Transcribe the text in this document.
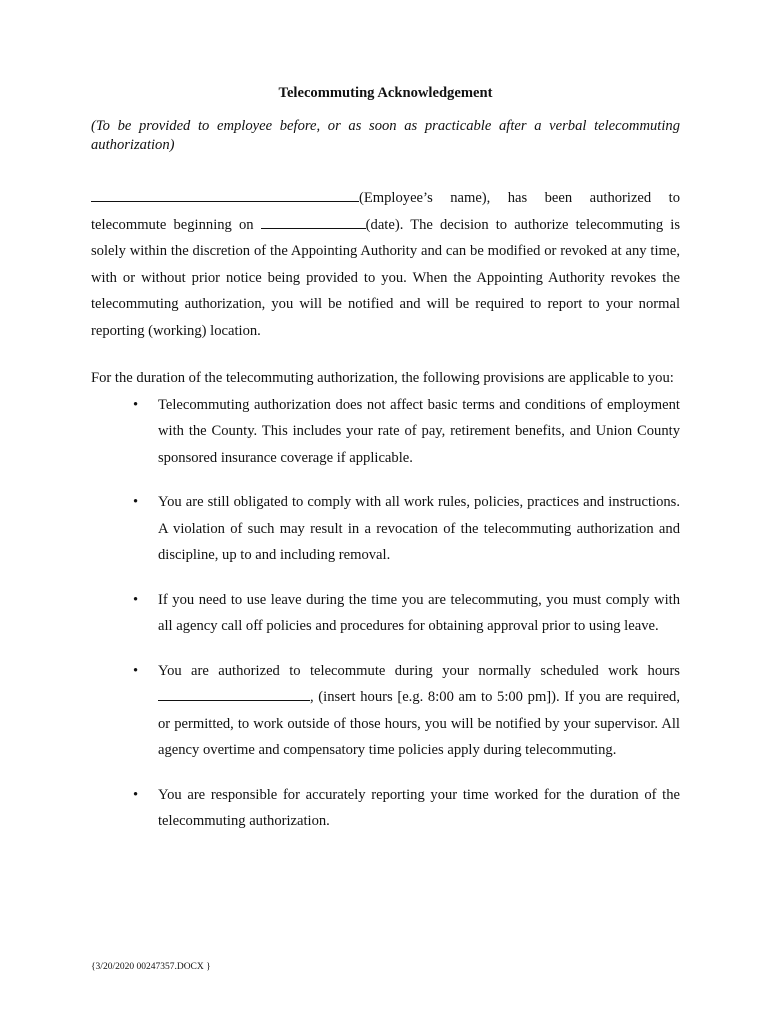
Telecommuting Acknowledgement
(To be provided to employee before, or as soon as practicable after a verbal telecommuting authorization)
(Employee’s name), has been authorized to
telecommute beginning on	(date). The decision to authorize telecommuting is
solely within the discretion of the Appointing Authority and can be modified or revoked at any time, with or without prior notice being provided to you. When the Appointing Authority revokes the telecommuting authorization, you will be notified and will be required to report to your normal reporting (working) location.
For the duration of the telecommuting authorization, the following provisions are applicable to you:
• Telecommuting authorization does not affect basic terms and conditions of employment with the County. This includes your rate of pay, retirement benefits, and Union County sponsored insurance coverage if applicable.
• You are still obligated to comply with all work rules, policies, practices and instructions. A violation of such may result in a revocation of the telecommuting authorization and discipline, up to and including removal.
• If you need to use leave during the time you are telecommuting, you must comply with all agency call off policies and procedures for obtaining approval prior to using leave.
• You are authorized to telecommute during your normally scheduled work hours
, (insert hours [e.g. 8:00 am to 5:00 pm]). If you are required, or permitted, to work outside of those hours, you will be notified by your supervisor. All agency overtime and compensatory time policies apply during telecommuting.
• You are responsible for accurately reporting your time worked for the duration of the telecommuting authorization.
{3/20/2020 00247357.DOCX }
